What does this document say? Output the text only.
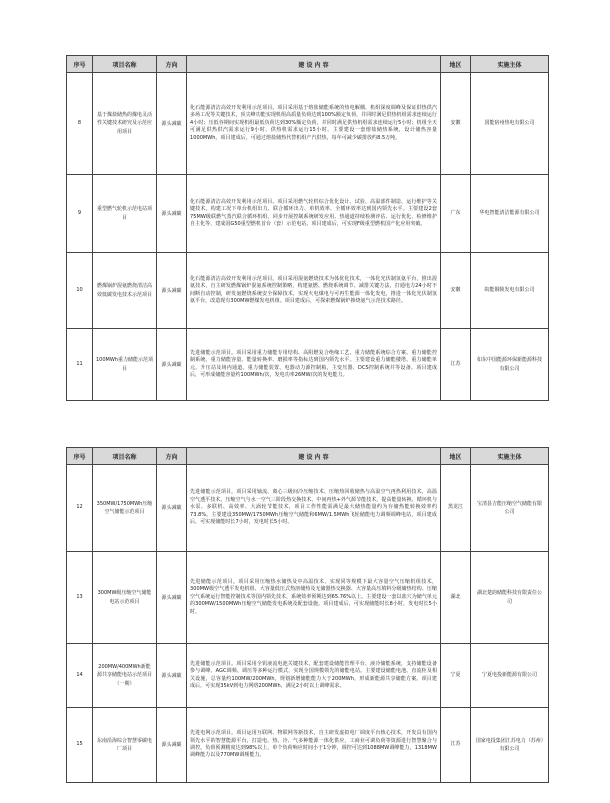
序号	项目名称	方向	建 设 内 容	地区	实施主体
8	基于煤盐储热的煤电灵活性关键技术研究及示范应用项目	源头减碳	化石能源清洁高效开发利用示范项目。项目采用基于熔盐储能系统的热电解耦、机组深度调峰及保证供热供汽多场工况等关键技术，顶尖峰功能实现机组高质量负荷达到100%额定负荷，并同时满足供热机组需求连续运行4小时；压低谷期间实现机组最低负荷达到30%额定负荷，并同时满足供热机组需求连续运行5小时；机组全天可满足供热供汽需求运行9小时、供热机需求运行15小时。主要建设一套熔盐储热系统，设计储热容量1000MWh。项目建成后，可通过熔盐储热代替机组产汽供热，每年可减少碳排放约8.5万吨。	安徽	国能宿州热电有限公司
9	重型燃气轮机示范电站项目	源头减碳	化石能源清洁高效开发利用示范项目。项目采用燃气轮机综合优化设计、试验、高温部件制造、运行维护等关键技术，构建工况下单台机组出力、联合循环出力、单机效率、全循环效率达到国内领先水平。主要建设2套75MW级联燃气蒸汽联合循环机组，同步开展控制系统研发应用、热通道持续检测评估、运行优化、检修维护自主化等，建成国G50重型燃机首台（套）示范电站。项目建成后，可实现F级重型燃机国产化应用突破。	广东	华电智能清洁能源有限公司
10	燃煤锅炉混氨燃烧清洁高效低碳发电技术示范项目	源头减碳	化石能源清洁高效开发利用示范项目。项目采用混氨燃烧技术为体优化技术，一体化光伏制氢氨平台，推出混氨技术，自主研发燃煤锅炉混氨系统控制策略，构建氨燃、燃烧系统调节、减排关键方法，打通电力24小时不间断自动控制，研发氨燃烧系统安全保障技术，实现火电煤电与可再生能源一体化发电，推进一体化光伏制氢氨平台，改造现有300MW燃煤发电机组。项目建成后，可探索燃煤锅炉掺烧氨气示范技术路径。	安徽	皖能铜陵发电有限公司
11	100MWh重力储能示范项目	源头减碳	先进储能示范项目。项目采用重力储能专用结构、高阻燃复合绝缘工艺、重力储能系统综合方案、重力储能控制系统、重力储能容量、能量转换率、磨损率等指标达到国内领先水平。主要建设重力储能楼塔、重力储能单元、升压站及场内通道。重力储能装置、电器动力源控制箱、主变压器、DCS控制系统并等设备。项目建成后，可形成储能容量约100MWh/次，发电功率26MW/次的发电能力。	江苏	如东中国能源环保新能源科技有限公司
序号	项目名称	方向	建 设 内 容	地区	实施主体
12	350MW/1750MWh压缩空气储能示范项目	源头减碳	先进储能示范项目。项目采用轴流、离心三级间冷压缩技术、压缩热回收储热与高温空气再热利用技术、高温空气透平技术、压缩空气与水一空气三阶段热交换技术、中间再热+外气源节能技术，提高能量转换、循环机与水泵、多联机、高效率、大涡轮节能技术，项目工作性能需满足最大储热能量约为存储热能转换效率约73.8%。主要建设350MW/1750MWh压缩空气储能和6MW/1.5MWh飞轮储能电力调频调峰电站，项目建成后，可实现储能时长7小时，发电时长5小时。	黑龙江	宝清县吉能压缩空气储能有限公司
13	300MW级压缩空气储能电站示范项目	源头减碳	先进储能示范项目。项目采用压缩热水储热及中高温技术，实现同等规模下最大容量空气压缩机组技术，300MW级空气透平发电机组、大容量低压式热溶储热及无储器热交换器、大容量高压填料分级储热结构、压缩空气系统运行智能控制技术等国内领先技术，系统效率预期达到65.76%以上。主要建设一套以盐穴为储气单元的300MW/1500MWh压缩空气储能发电系统及配套设施。项目建成后，可实现储能时长8小时，发电时长5小时。	湖北	湖北楚韵储能科技有限责任公司
14	200MW/400MWh新能源共享储能电站示范项目（一期）	源头减碳	先进储能示范项目。项目采用全钒液流电池关键技术，配套建设储能管理平台、液冷储能系统，支持储能设备参与调峰、AGC调频、调压等多种运行模式，实现全国规模领先的储能电站。主要建设储能电池、直流柜及相关设施，总容量约100MW/200MWh，规划新增储能能力大于200MWh，形成新能源共享储能方案。项目建成后，可实现35kV到电力网络200MWh，满足2小时以上调峰需求。	宁夏	宁夏电投新能源有限公司
15	东南沿海综合智慧零碳电厂项目	源头减碳	先进电网示范项目。项目运用互联网、物联网等新技术，自主研发虚拟电厂调度平台核心技术，开发具有国内领先水平的智慧能源平台，打造电、热、冷、气多种能源一体化供应，工商业可调负荷等资源进行智慧聚合与调控。负荷预测精度达到98%以上，单个负荷响应时间小于1分钟，调控可达到1088MW调峰能力，1318MW调峰能力以及770MW调频能力。	江苏	国家电投集团江苏电力（苏州）有限公司
